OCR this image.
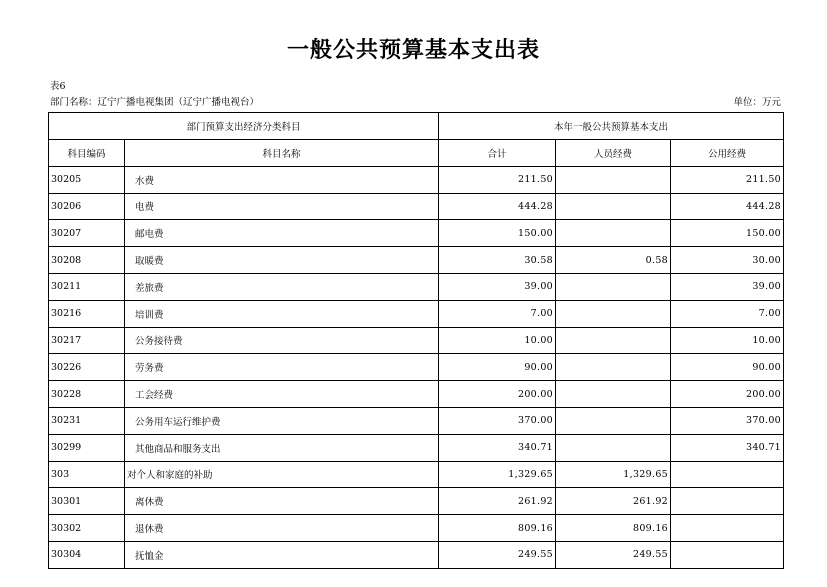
一般公共预算基本支出表
表6
部门名称：辽宁广播电视集团（辽宁广播电视台）	单位：万元
部门预算支出经济分类科目		本年一般公共预算基本支出		
科目编码	科目名称	合计	人员经费	公用经费
30205	水费	211.50		211.50
30206	电费	444.28		444.28
30207	邮电费	150.00		150.00
30208	取暖费	30.58	0.58	30.00
30211	差旅费	39.00		39.00
30216	培训费	7.00		7.00
30217	公务接待费	10.00		10.00
30226	劳务费	90.00		90.00
30228	工会经费	200.00		200.00
30231	公务用车运行维护费	370.00		370.00
30299	其他商品和服务支出	340.71		340.71
303	对个人和家庭的补助	1,329.65	1,329.65	
30301	离休费	261.92	261.92	
30302	退休费	809.16	809.16	
30304	抚恤金	249.55	249.55	
